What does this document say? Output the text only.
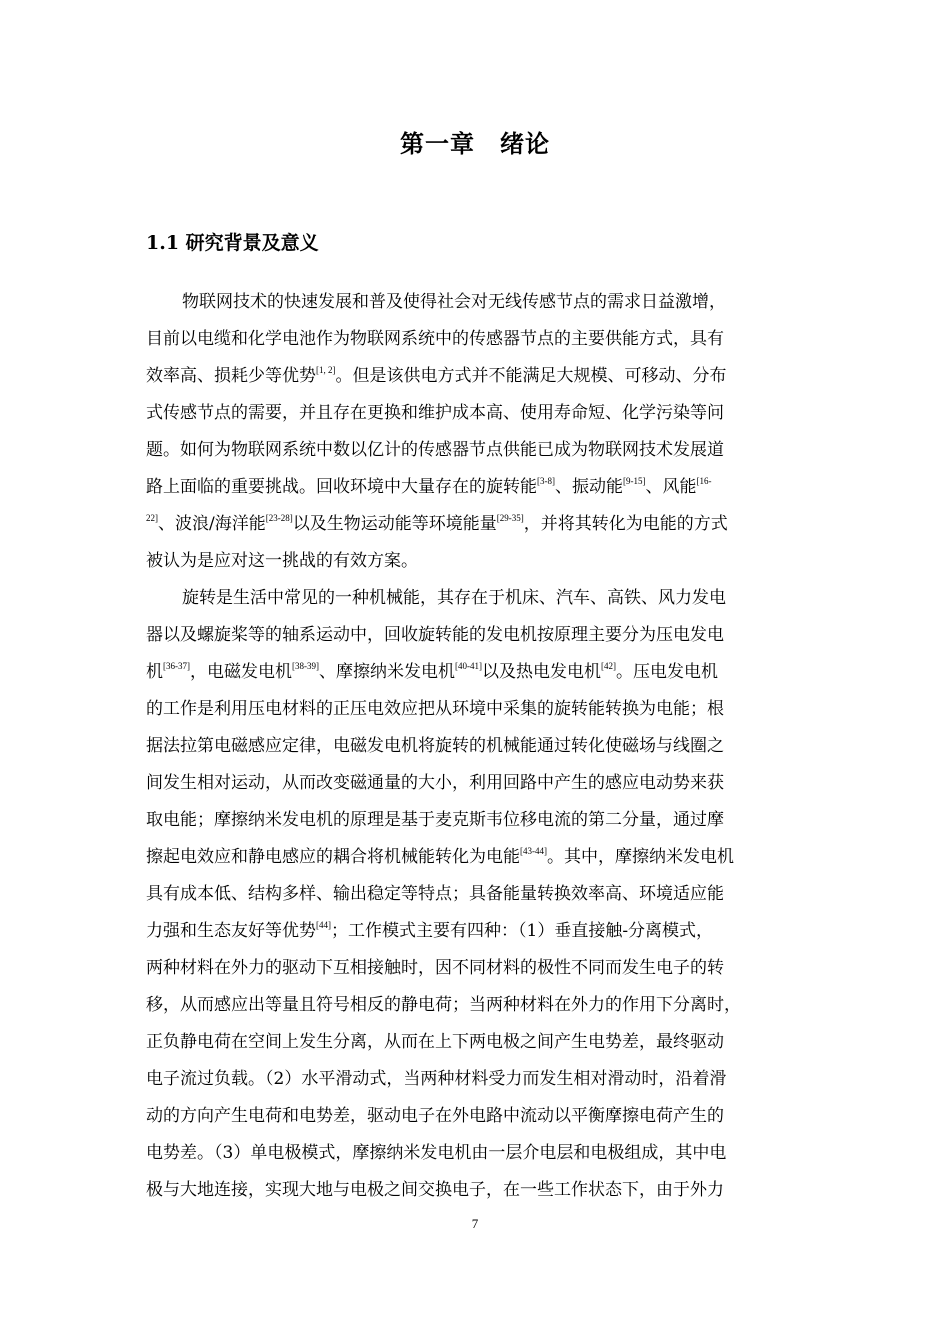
第一章　绪论
1.1 研究背景及意义
物联网技术的快速发展和普及使得社会对无线传感节点的需求日益激增，
目前以电缆和化学电池作为物联网系统中的传感器节点的主要供能方式，具有
效率高、损耗少等优势[1, 2]。但是该供电方式并不能满足大规模、可移动、分布
式传感节点的需要，并且存在更换和维护成本高、使用寿命短、化学污染等问
题。如何为物联网系统中数以亿计的传感器节点供能已成为物联网技术发展道
路上面临的重要挑战。回收环境中大量存在的旋转能[3-8]、振动能[9-15]、风能$^{[16-}$
$^{22]}$、波浪/海洋能[23-28]以及生物运动能等环境能量[29-35]，并将其转化为电能的方式
被认为是应对这一挑战的有效方案。
旋转是生活中常见的一种机械能，其存在于机床、汽车、高铁、风力发电
器以及螺旋桨等的轴系运动中，回收旋转能的发电机按原理主要分为压电发电
机[36-37]，电磁发电机[38-39]、摩擦纳米发电机[40-41]以及热电发电机[42]。压电发电机
的工作是利用压电材料的正压电效应把从环境中采集的旋转能转换为电能；根
据法拉第电磁感应定律，电磁发电机将旋转的机械能通过转化使磁场与线圈之
间发生相对运动，从而改变磁通量的大小，利用回路中产生的感应电动势来获
取电能；摩擦纳米发电机的原理是基于麦克斯韦位移电流的第二分量，通过摩
擦起电效应和静电感应的耦合将机械能转化为电能[43-44]。其中，摩擦纳米发电机
具有成本低、结构多样、输出稳定等特点；具备能量转换效率高、环境适应能
力强和生态友好等优势[44]；工作模式主要有四种：（1）垂直接触-分离模式，
两种材料在外力的驱动下互相接触时，因不同材料的极性不同而发生电子的转
移，从而感应出等量且符号相反的静电荷；当两种材料在外力的作用下分离时，
正负静电荷在空间上发生分离，从而在上下两电极之间产生电势差，最终驱动
电子流过负载。（2）水平滑动式，当两种材料受力而发生相对滑动时，沿着滑
动的方向产生电荷和电势差，驱动电子在外电路中流动以平衡摩擦电荷产生的
电势差。（3）单电极模式，摩擦纳米发电机由一层介电层和电极组成，其中电
极与大地连接，实现大地与电极之间交换电子，在一些工作状态下，由于外力
7
